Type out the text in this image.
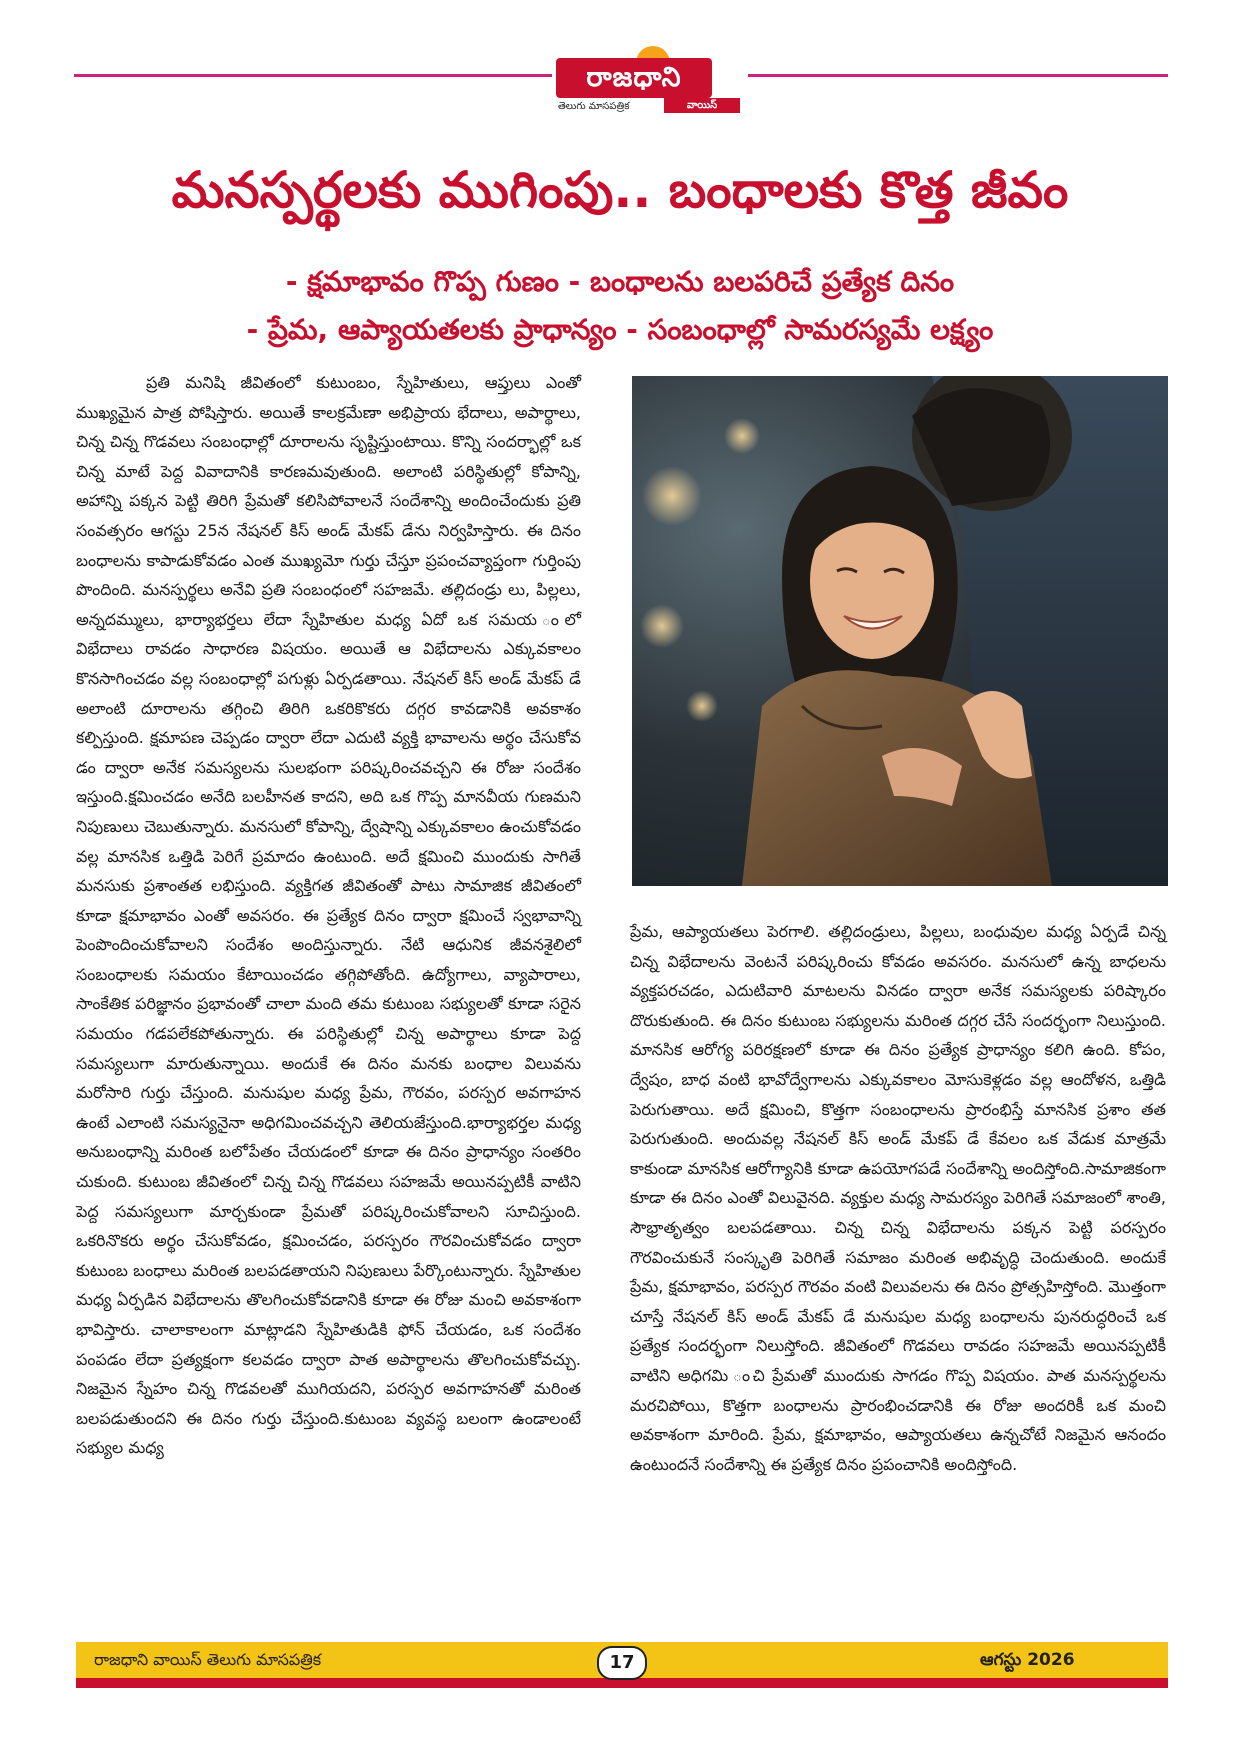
రాజధాని
తెలుగు మాసపత్రిక	వాయిస్
మనస్పర్థలకు ముగింపు.. బంధాలకు కొత్త జీవం

- క్షమాభావం గొప్ప గుణం - బంధాలను బలపరిచే ప్రత్యేక దినం

- ప్రేమ, ఆప్యాయతలకు ప్రాధాన్యం - సంబంధాల్లో సామరస్యమే లక్ష్యం

ప్రతి మనిషి జీవితంలో కుటుంబం, స్నేహితులు, ఆప్తులు ఎంతో ముఖ్యమైన పాత్ర పోషిస్తారు. అయితే కాలక్రమేణా అభిప్రాయ భేదాలు, అపార్థాలు, చిన్న చిన్న గొడవలు సంబంధాల్లో దూరాలను సృష్టిస్తుంటాయి. కొన్ని సందర్భాల్లో ఒక చిన్న మాటే పెద్ద వివాదానికి కారణమవుతుంది. అలాంటి పరిస్థితుల్లో కోపాన్ని, అహాన్ని పక్కన పెట్టి తిరిగి ప్రేమతో కలిసిపోవాలనే సందేశాన్ని అందించేందుకు ప్రతి సంవత్సరం ఆగస్టు 25న నేషనల్ కిస్ అండ్ మేకప్ డేను నిర్వహిస్తారు. ఈ దినం బంధాలను కాపాడుకోవడం ఎంత ముఖ్యమో గుర్తు చేస్తూ ప్రపంచవ్యాప్తంగా గుర్తింపు పొందింది. మనస్పర్థలు అనేవి ప్రతి సంబంధంలో సహజమే. తల్లిదండ్రు లు, పిల్లలు, అన్నదమ్ములు, భార్యాభర్తలు లేదా స్నేహితుల మధ్య ఏదో ఒక సమయ ంలో విభేదాలు రావడం సాధారణ విషయం. అయితే ఆ విభేదాలను ఎక్కువకాలం కొనసాగించడం వల్ల సంబంధాల్లో పగుళ్లు ఏర్పడతాయి. నేషనల్ కిస్ అండ్ మేకప్ డే అలాంటి దూరాలను తగ్గించి తిరిగి ఒకరికొకరు దగ్గర కావడానికి అవకాశం కల్పిస్తుంది. క్షమాపణ చెప్పడం ద్వారా లేదా ఎదుటి వ్యక్తి భావాలను అర్థం చేసుకోవ డం ద్వారా అనేక సమస్యలను సులభంగా పరిష్కరించవచ్చని ఈ రోజు సందేశం ఇస్తుంది.క్షమించడం అనేది బలహీనత కాదని, అది ఒక గొప్ప మానవీయ గుణమని నిపుణులు చెబుతున్నారు. మనసులో కోపాన్ని, ద్వేషాన్ని ఎక్కువకాలం ఉంచుకోవడం వల్ల మానసిక ఒత్తిడి పెరిగే ప్రమాదం ఉంటుంది. అదే క్షమించి ముందుకు సాగితే మనసుకు ప్రశాంతత లభిస్తుంది. వ్యక్తిగత జీవితంతో పాటు సామాజిక జీవితంలో కూడా క్షమాభావం ఎంతో అవసరం. ఈ ప్రత్యేక దినం ద్వారా క్షమించే స్వభావాన్ని పెంపొందించుకోవాలని సందేశం అందిస్తున్నారు. నేటి ఆధునిక జీవనశైలిలో సంబంధాలకు సమయం కేటాయించడం తగ్గిపోతోంది. ఉద్యోగాలు, వ్యాపారాలు, సాంకేతిక పరిజ్ఞానం ప్రభావంతో చాలా మంది తమ కుటుంబ సభ్యులతో కూడా సరైన సమయం గడపలేకపోతున్నారు. ఈ పరిస్థితుల్లో చిన్న అపార్థాలు కూడా పెద్ద సమస్యలుగా మారుతున్నాయి. అందుకే ఈ దినం మనకు బంధాల విలువను మరోసారి గుర్తు చేస్తుంది. మనుషుల మధ్య ప్రేమ, గౌరవం, పరస్పర అవగాహన ఉంటే ఎలాంటి సమస్యనైనా అధిగమించవచ్చని తెలియజేస్తుంది.భార్యాభర్తల మధ్య అనుబంధాన్ని మరింత బలోపేతం చేయడంలో కూడా ఈ దినం ప్రాధాన్యం సంతరిం చుకుంది. కుటుంబ జీవితంలో చిన్న చిన్న గొడవలు సహజమే అయినప్పటికీ వాటిని పెద్ద సమస్యలుగా మార్చకుండా ప్రేమతో పరిష్కరించుకోవాలని సూచిస్తుంది. ఒకరినొకరు అర్థం చేసుకోవడం, క్షమించడం, పరస్పరం గౌరవించుకోవడం ద్వారా కుటుంబ బంధాలు మరింత బలపడతాయని నిపుణులు పేర్కొంటున్నారు. స్నేహితుల మధ్య ఏర్పడిన విభేదాలను తొలగించుకోవడానికి కూడా ఈ రోజు మంచి అవకాశంగా భావిస్తారు. చాలాకాలంగా మాట్లాడని స్నేహితుడికి ఫోన్ చేయడం, ఒక సందేశం పంపడం లేదా ప్రత్యక్షంగా కలవడం ద్వారా పాత అపార్థాలను తొలగించుకోవచ్చు. నిజమైన స్నేహం చిన్న గొడవలతో ముగియదని, పరస్పర అవగాహనతో మరింత బలపడుతుందని ఈ దినం గుర్తు చేస్తుంది.కుటుంబ వ్యవస్థ బలంగా ఉండాలంటే సభ్యుల మధ్య

ప్రేమ, ఆప్యాయతలు పెరగాలి. తల్లిదండ్రులు, పిల్లలు, బంధువుల మధ్య ఏర్పడే చిన్న చిన్న విభేదాలను వెంటనే పరిష్కరించు కోవడం అవసరం. మనసులో ఉన్న బాధలను వ్యక్తపరచడం, ఎదుటివారి మాటలను వినడం ద్వారా అనేక సమస్యలకు పరిష్కారం దొరుకుతుంది. ఈ దినం కుటుంబ సభ్యులను మరింత దగ్గర చేసే సందర్భంగా నిలుస్తుంది. మానసిక ఆరోగ్య పరిరక్షణలో కూడా ఈ దినం ప్రత్యేక ప్రాధాన్యం కలిగి ఉంది. కోపం, ద్వేషం, బాధ వంటి భావోద్వేగాలను ఎక్కువకాలం మోసుకెళ్లడం వల్ల ఆందోళన, ఒత్తిడి పెరుగుతాయి. అదే క్షమించి, కొత్తగా సంబంధాలను ప్రారంభిస్తే మానసిక ప్రశాం తత పెరుగుతుంది. అందువల్ల నేషనల్ కిస్ అండ్ మేకప్ డే కేవలం ఒక వేడుక మాత్రమే కాకుండా మానసిక ఆరోగ్యానికి కూడా ఉపయోగపడే సందేశాన్ని అందిస్తోంది.సామాజికంగా కూడా ఈ దినం ఎంతో విలువైనది. వ్యక్తుల మధ్య సామరస్యం పెరిగితే సమాజంలో శాంతి, సౌభ్రాతృత్వం బలపడతాయి. చిన్న చిన్న విభేదాలను పక్కన పెట్టి పరస్పరం గౌరవించుకునే సంస్కృతి పెరిగితే సమాజం మరింత అభివృద్ధి చెందుతుంది. అందుకే ప్రేమ, క్షమాభావం, పరస్పర గౌరవం వంటి విలువలను ఈ దినం ప్రోత్సహిస్తోంది. మొత్తంగా చూస్తే నేషనల్ కిస్ అండ్ మేకప్ డే మనుషుల మధ్య బంధాలను పునరుద్ధరించే ఒక ప్రత్యేక సందర్భంగా నిలుస్తోంది. జీవితంలో గొడవలు రావడం సహజమే అయినప్పటికీ వాటిని అధిగమి ంచి ప్రేమతో ముందుకు సాగడం గొప్ప విషయం. పాత మనస్పర్థలను మరచిపోయి, కొత్తగా బంధాలను ప్రారంభించడానికి ఈ రోజు అందరికీ ఒక మంచి అవకాశంగా మారింది. ప్రేమ, క్షమాభావం, ఆప్యాయతలు ఉన్నచోటే నిజమైన ఆనందం ఉంటుందనే సందేశాన్ని ఈ ప్రత్యేక దినం ప్రపంచానికి అందిస్తోంది.

రాజధాని వాయిస్ తెలుగు మాసపత్రిక	17	ఆగస్టు 2026
